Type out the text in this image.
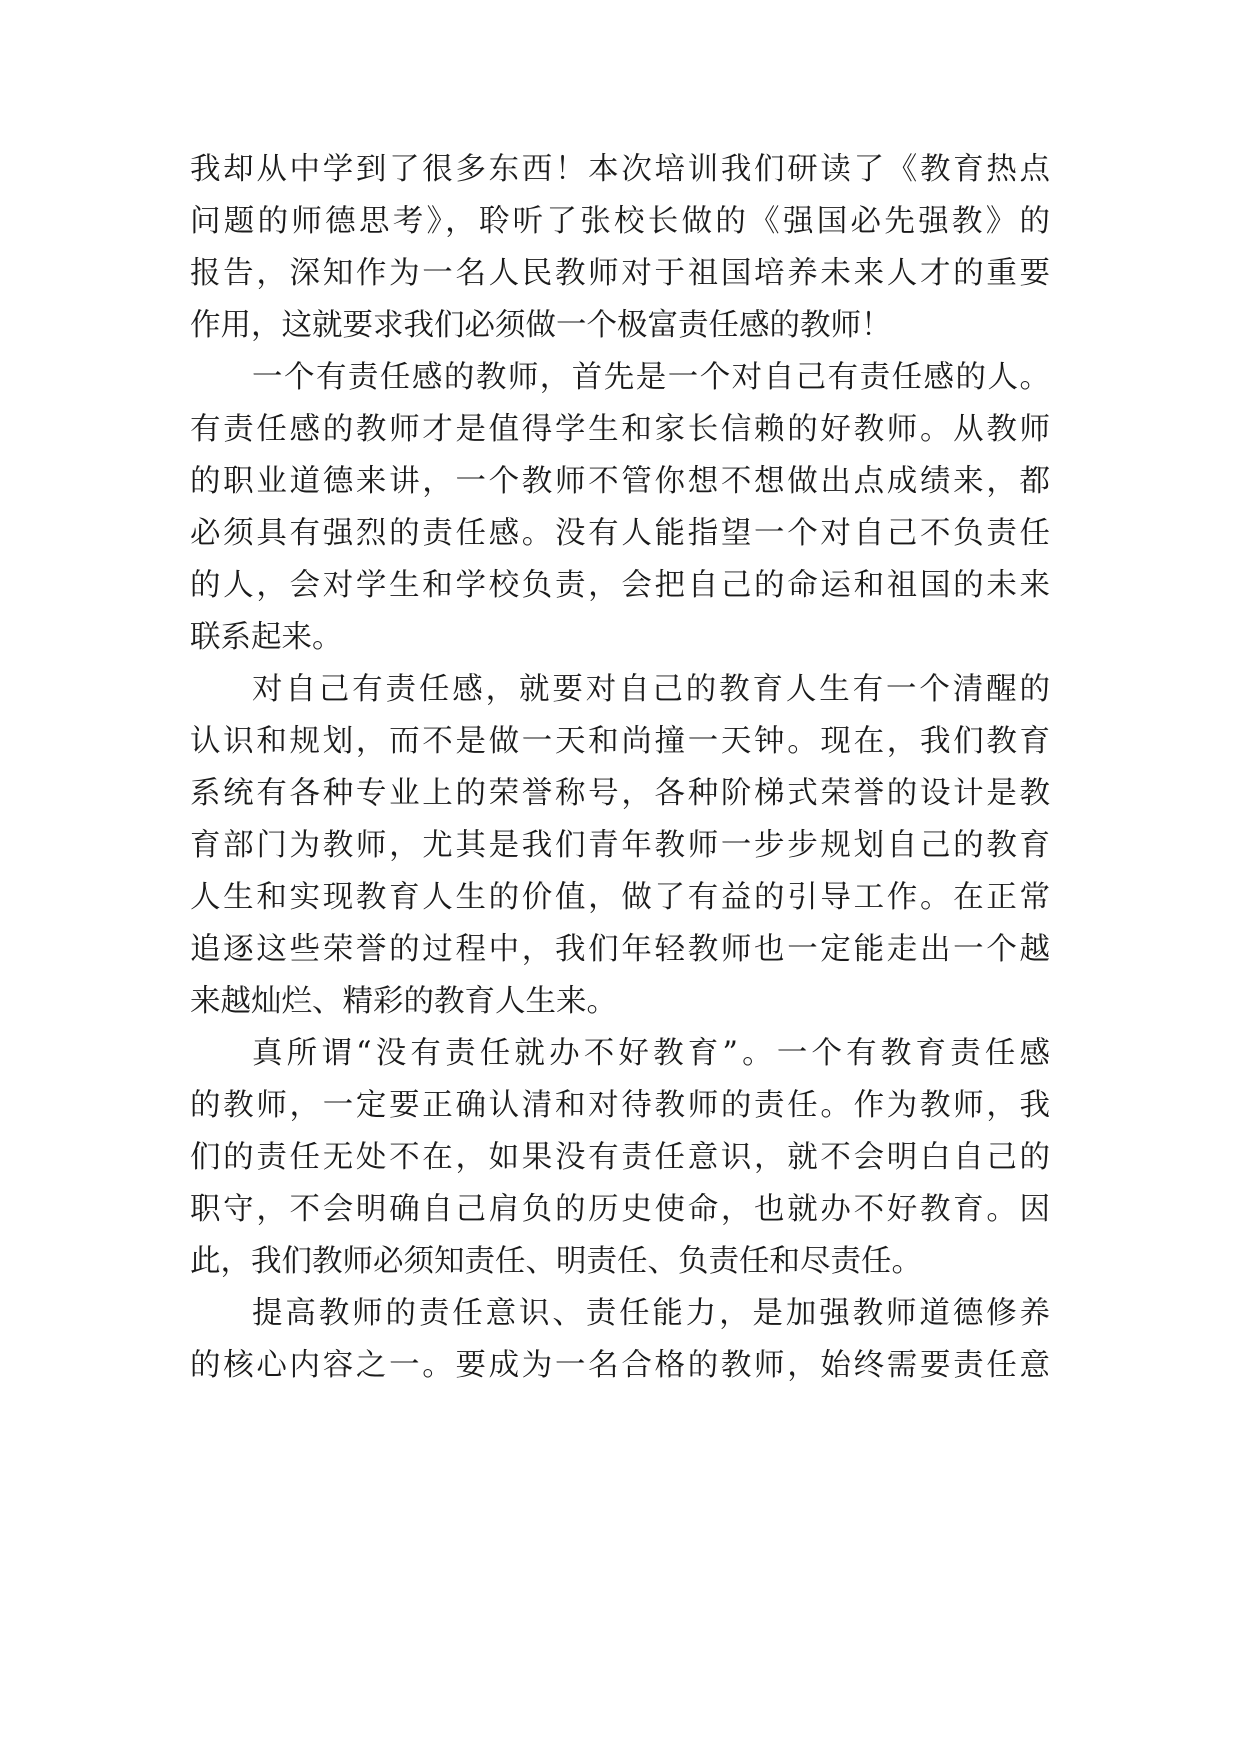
我却从中学到了很多东西！本次培训我们研读了《教育热点
问题的师德思考》，聆听了张校长做的《强国必先强教》的
报告，深知作为一名人民教师对于祖国培养未来人才的重要
作用，这就要求我们必须做一个极富责任感的教师！
一个有责任感的教师，首先是一个对自己有责任感的人。
有责任感的教师才是值得学生和家长信赖的好教师。从教师
的职业道德来讲，一个教师不管你想不想做出点成绩来，都
必须具有强烈的责任感。没有人能指望一个对自己不负责任
的人，会对学生和学校负责，会把自己的命运和祖国的未来
联系起来。
对自己有责任感，就要对自己的教育人生有一个清醒的
认识和规划，而不是做一天和尚撞一天钟。现在，我们教育
系统有各种专业上的荣誉称号，各种阶梯式荣誉的设计是教
育部门为教师，尤其是我们青年教师一步步规划自己的教育
人生和实现教育人生的价值，做了有益的引导工作。在正常
追逐这些荣誉的过程中，我们年轻教师也一定能走出一个越
来越灿烂、精彩的教育人生来。
真所谓“没有责任就办不好教育”。一个有教育责任感
的教师，一定要正确认清和对待教师的责任。作为教师，我
们的责任无处不在，如果没有责任意识，就不会明白自己的
职守，不会明确自己肩负的历史使命，也就办不好教育。因
此，我们教师必须知责任、明责任、负责任和尽责任。
提高教师的责任意识、责任能力，是加强教师道德修养
的核心内容之一。要成为一名合格的教师，始终需要责任意
